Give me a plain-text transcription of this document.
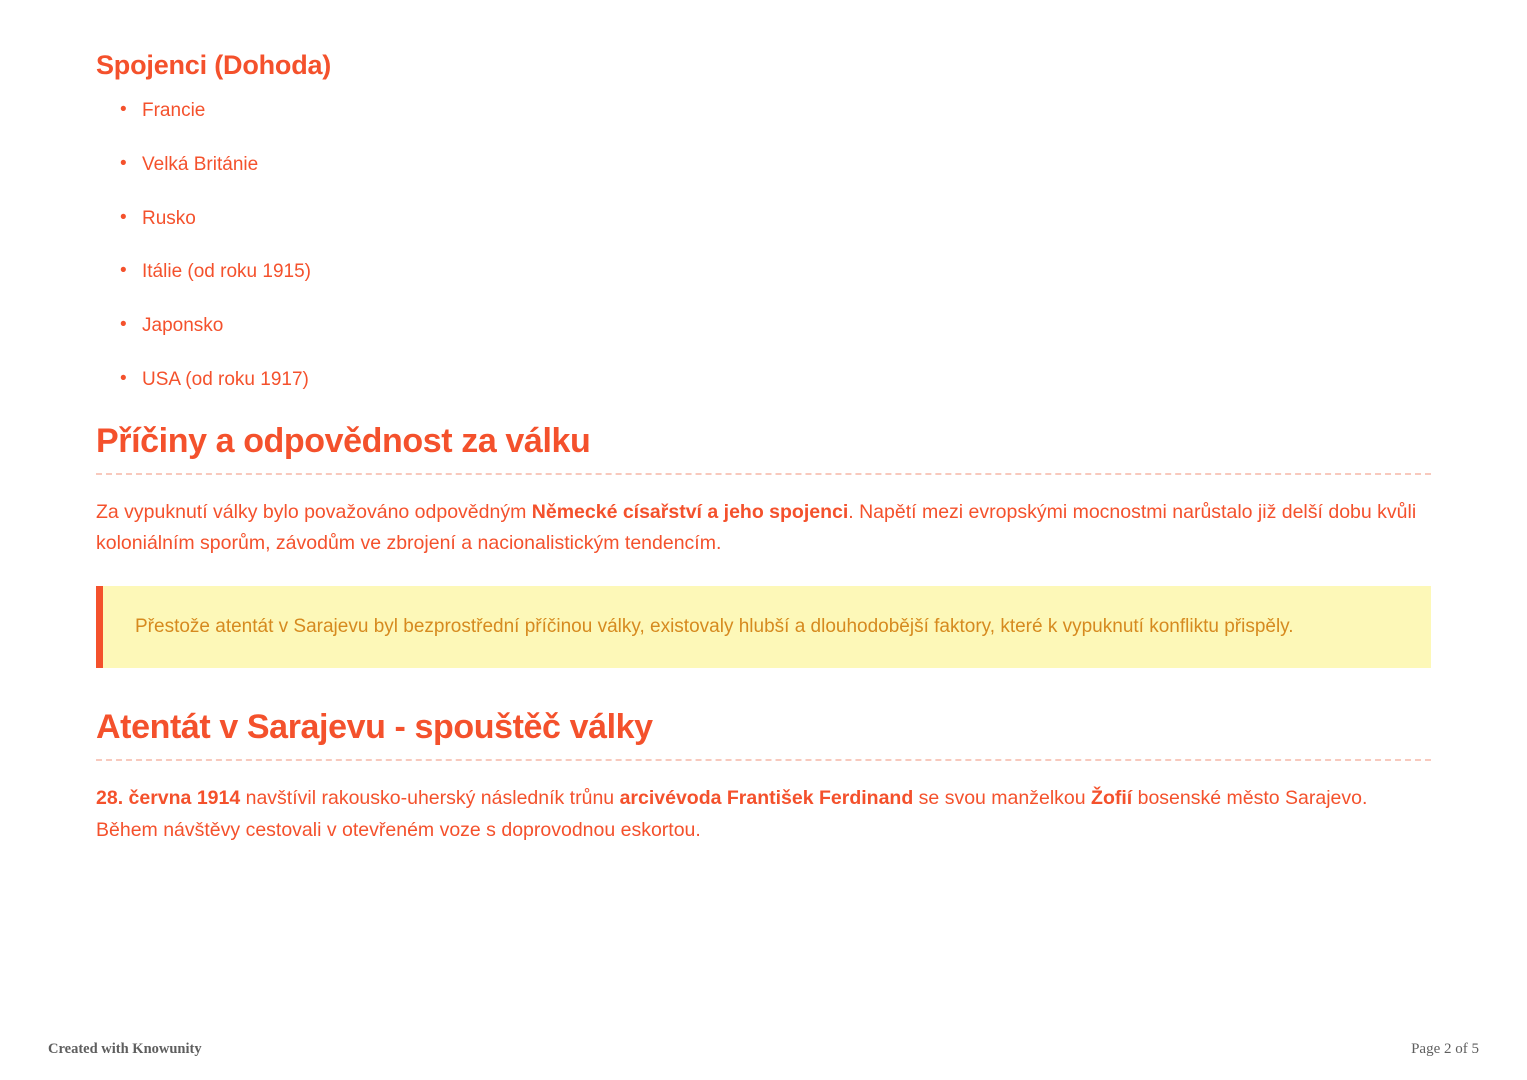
Spojenci (Dohoda)
• Francie
• Velká Británie
• Rusko
• Itálie (od roku 1915)
• Japonsko
• USA (od roku 1917)
Příčiny a odpovědnost za válku

Za vypuknutí války bylo považováno odpovědným Německé císařství a jeho spojenci. Napětí mezi evropskými mocnostmi narůstalo již delší dobu kvůli koloniálním sporům, závodům ve zbrojení a nacionalistickým tendencím.

Přestože atentát v Sarajevu byl bezprostřední příčinou války, existovaly hlubší a dlouhodobější faktory, které k vypuknutí konfliktu přispěly.

Atentát v Sarajevu - spouštěč války

28. června 1914 navštívil rakousko-uherský následník trůnu arcivévoda František Ferdinand se svou manželkou Žofií bosenské město Sarajevo. Během návštěvy cestovali v otevřeném voze s doprovodnou eskortou.

Created with Knowunity	Page 2 of 5
